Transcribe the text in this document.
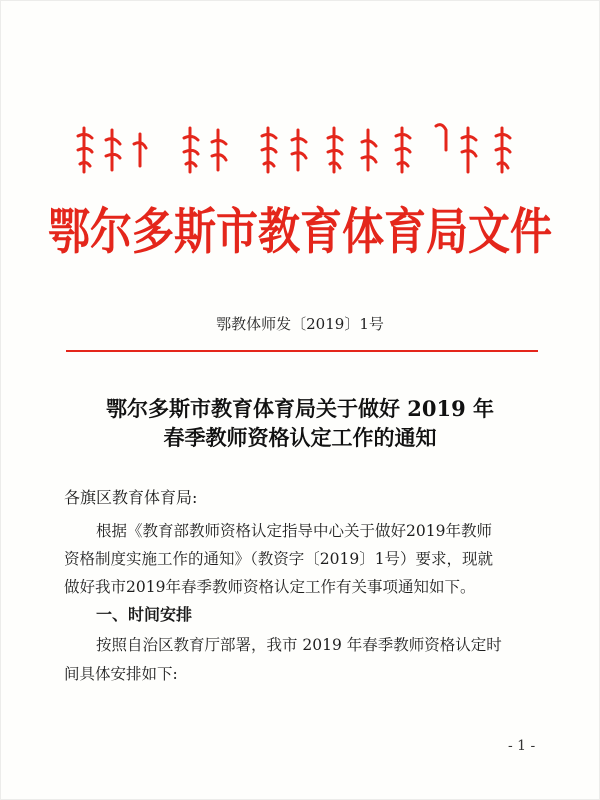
鄂尔多斯市教育体育局文件
鄂教体师发〔2019〕1号
鄂尔多斯市教育体育局关于做好 2019 年
春季教师资格认定工作的通知
各旗区教育体育局:
根据《教育部教师资格认定指导中心关于做好2019年教师
资格制度实施工作的通知》（教资字〔2019〕1号）要求，现就
做好我市2019年春季教师资格认定工作有关事项通知如下。
一、时间安排
按照自治区教育厅部署，我市 2019 年春季教师资格认定时
间具体安排如下:
- 1 -
